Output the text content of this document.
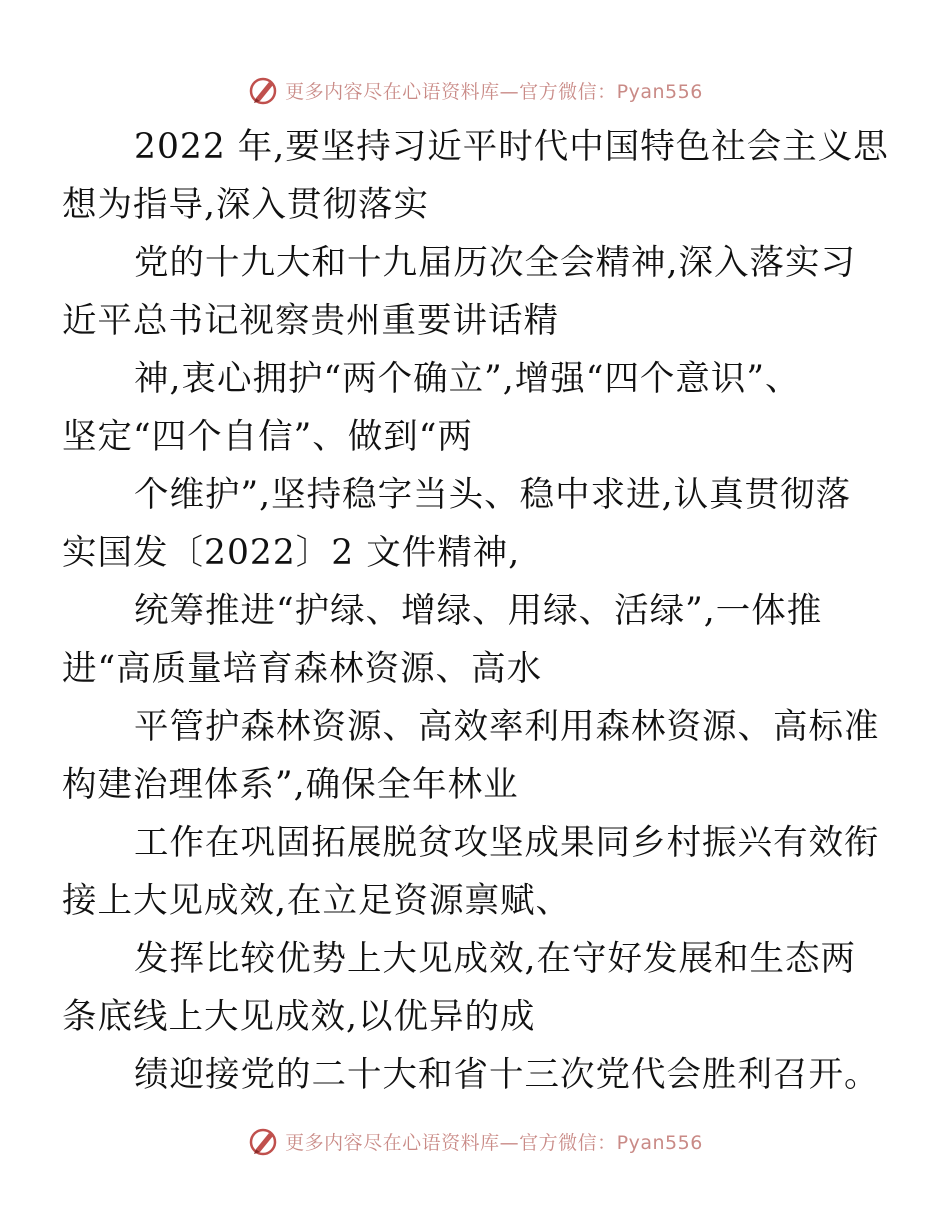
更多内容尽在心语资料库—官方微信：Pyan556

2022 年,要坚持习近平时代中国特色社会主义思
想为指导,深入贯彻落实

党的十九大和十九届历次全会精神,深入落实习
近平总书记视察贵州重要讲话精

神,衷心拥护“两个确立”,增强“四个意识”、
坚定“四个自信”、做到“两

个维护”,坚持稳字当头、稳中求进,认真贯彻落
实国发〔2022〕2 文件精神,

统筹推进“护绿、增绿、用绿、活绿”,一体推
进“高质量培育森林资源、高水

平管护森林资源、高效率利用森林资源、高标准
构建治理体系”,确保全年林业

工作在巩固拓展脱贫攻坚成果同乡村振兴有效衔
接上大见成效,在立足资源禀赋、

发挥比较优势上大见成效,在守好发展和生态两
条底线上大见成效,以优异的成

绩迎接党的二十大和省十三次党代会胜利召开。

更多内容尽在心语资料库—官方微信：Pyan556
